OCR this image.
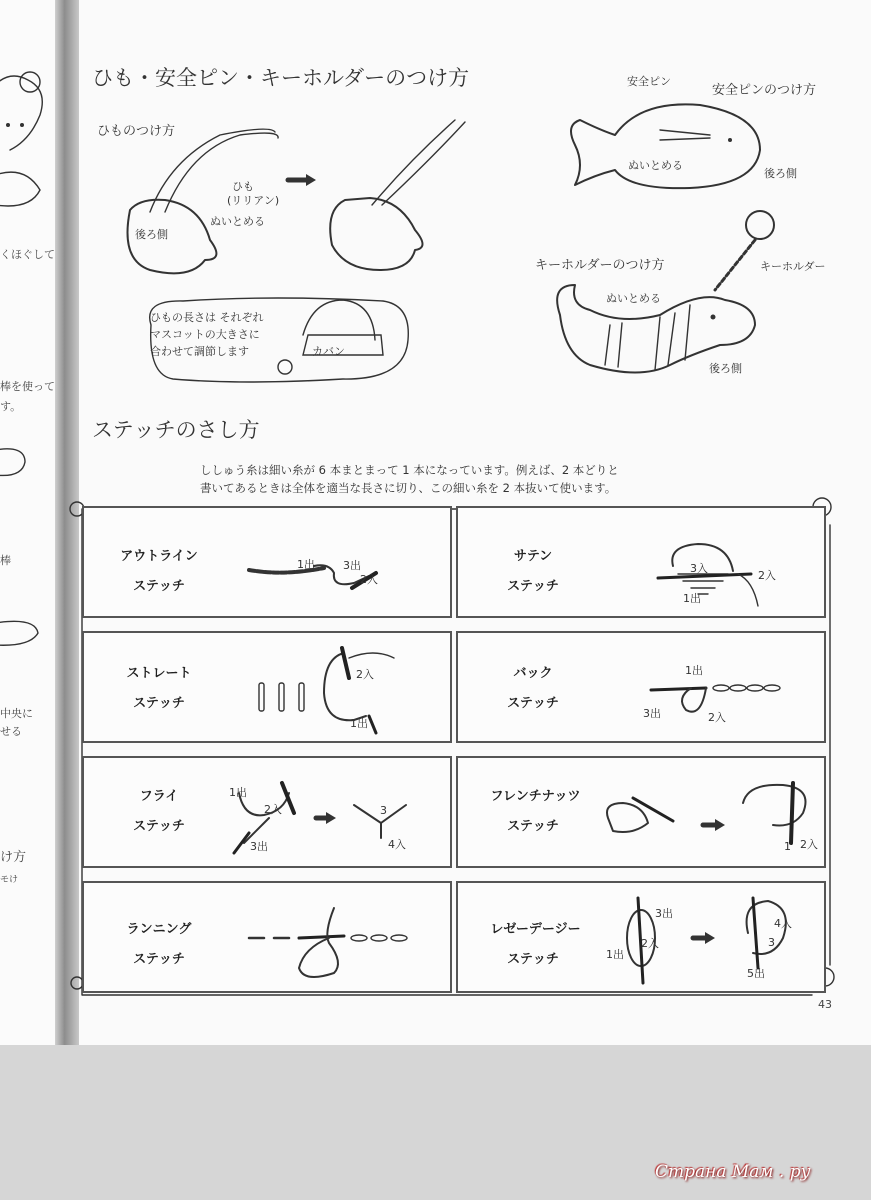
くほぐして
棒を使って
す。
棒
中央に
せる
け方
モけ
ひも・安全ピン・キーホルダーのつけ方
ひものつけ方
ひも
(リリアン)
ぬいとめる
後ろ側
ひもの長さは それぞれ
マスコットの大きさに
合わせて調節します	カバン
安全ピンのつけ方
安全ピン
ぬいとめる
後ろ側
キーホルダーのつけ方	キーホルダー
ぬいとめる
後ろ側
ステッチのさし方
ししゅう糸は細い糸が 6 本まとまって 1 本になっています。例えば、2 本どりと
書いてあるときは全体を適当な長さに切り、この細い糸を 2 本抜いて使います。
アウトライン
ステッチ
1出	3出
2入
サテン
ステッチ
3入
2入
1出
ストレート
ステッチ
2入
1出
バック
ステッチ
1出
3出	2入
フライ
ステッチ
1出
2入
3出
3
4入
フレンチナッツ
ステッチ
1 2入
ランニング
ステッチ
レゼーデージー
ステッチ
3出
2入
1出
4入
3
5出
43
Страна Мам . ру
